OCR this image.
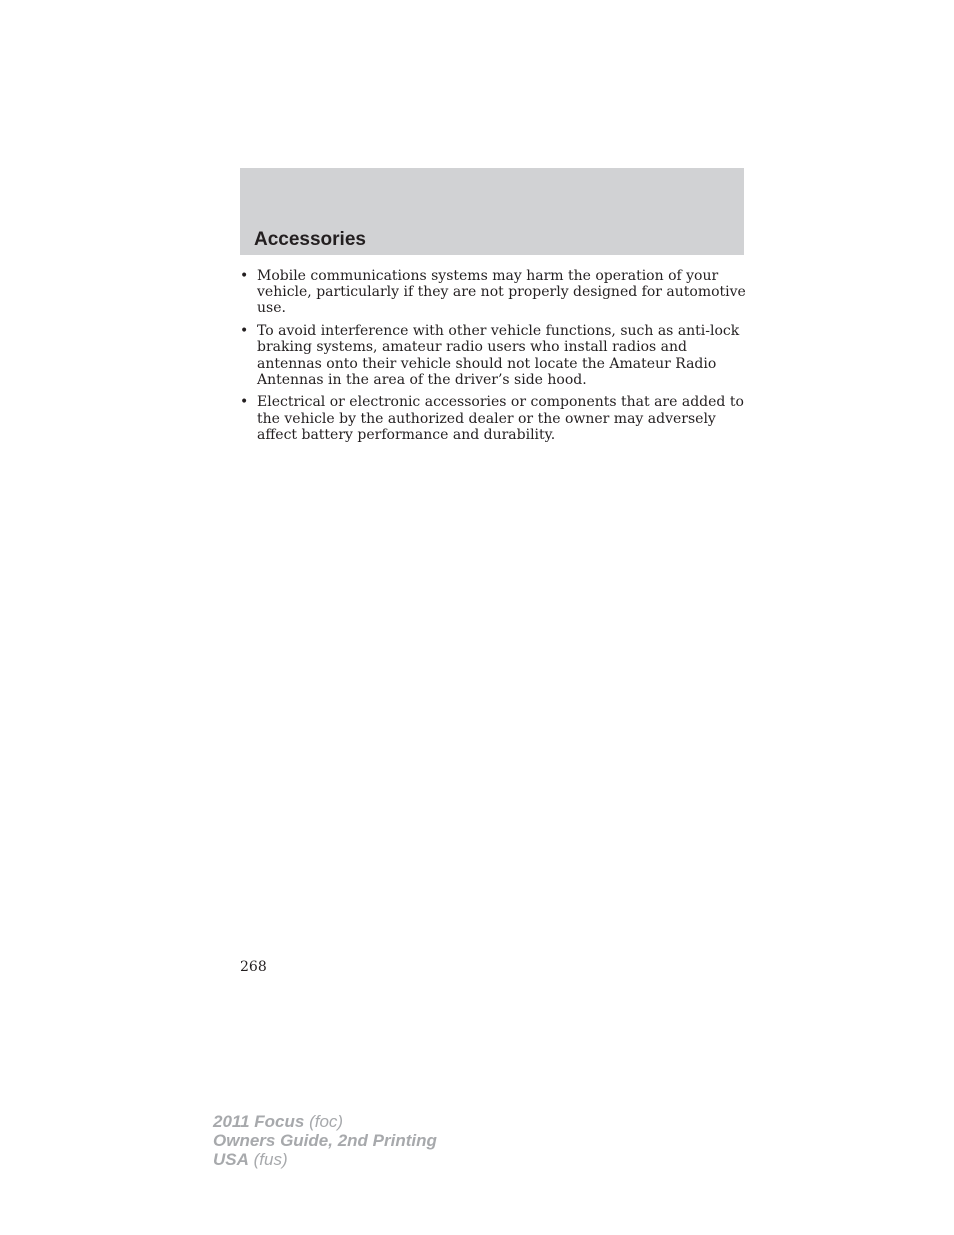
Accessories
• Mobile communications systems may harm the operation of your vehicle, particularly if they are not properly designed for automotive use.
• To avoid interference with other vehicle functions, such as anti-lock braking systems, amateur radio users who install radios and antennas onto their vehicle should not locate the Amateur Radio Antennas in the area of the driver’s side hood.
• Electrical or electronic accessories or components that are added to the vehicle by the authorized dealer or the owner may adversely affect battery performance and durability.
268
2011 Focus (foc)
Owners Guide, 2nd Printing
USA (fus)
